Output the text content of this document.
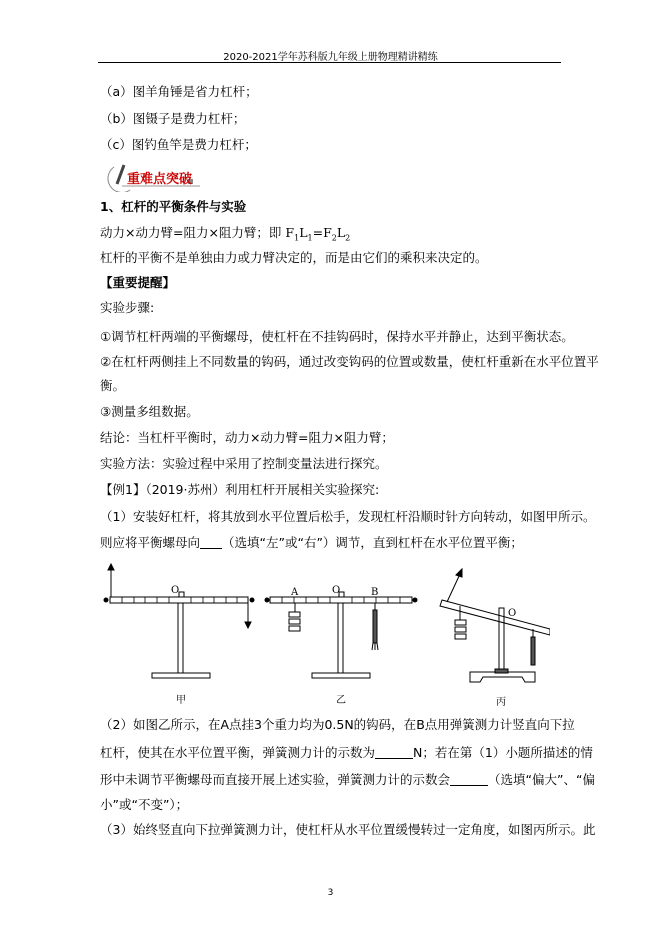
2020-2021学年苏科版九年级上册物理精讲精练
（a）图羊角锤是省力杠杆；
（b）图镊子是费力杠杆；
（c）图钓鱼竿是费力杠杆；
重难点突破
1、杠杆的平衡条件与实验
动力×动力臂=阻力×阻力臂；即 $F_1L_1=F_2L_2$
杠杆的平衡不是单独由力或力臂决定的，而是由它们的乘积来决定的。
【重要提醒】
实验步骤:
①调节杠杆两端的平衡螺母，使杠杆在不挂钩码时，保持水平并静止，达到平衡状态。
②在杠杆两侧挂上不同数量的钩码，通过改变钩码的位置或数量，使杠杆重新在水平位置平
衡。
③测量多组数据。
结论：当杠杆平衡时，动力×动力臂=阻力×阻力臂；
实验方法：实验过程中采用了控制变量法进行探究。
【例1】（2019·苏州）利用杠杆开展相关实验探究:
（1）安装好杠杆，将其放到水平位置后松手，发现杠杆沿顺时针方向转动，如图甲所示。
则应将平衡螺母向 （选填“左”或“右”）调节，直到杠杆在水平位置平衡；
O
甲
A	O	B
乙
O
丙
（2）如图乙所示，在A点挂3个重力均为0.5N的钩码，在B点用弹簧测力计竖直向下拉
杠杆，使其在水平位置平衡，弹簧测力计的示数为	N；若在第（1）小题所描述的情
形中未调节平衡螺母而直接开展上述实验，弹簧测力计的示数会	（选填“偏大”、“偏
小”或“不变”）；
（3）始终竖直向下拉弹簧测力计，使杠杆从水平位置缓慢转过一定角度，如图丙所示。此
3
